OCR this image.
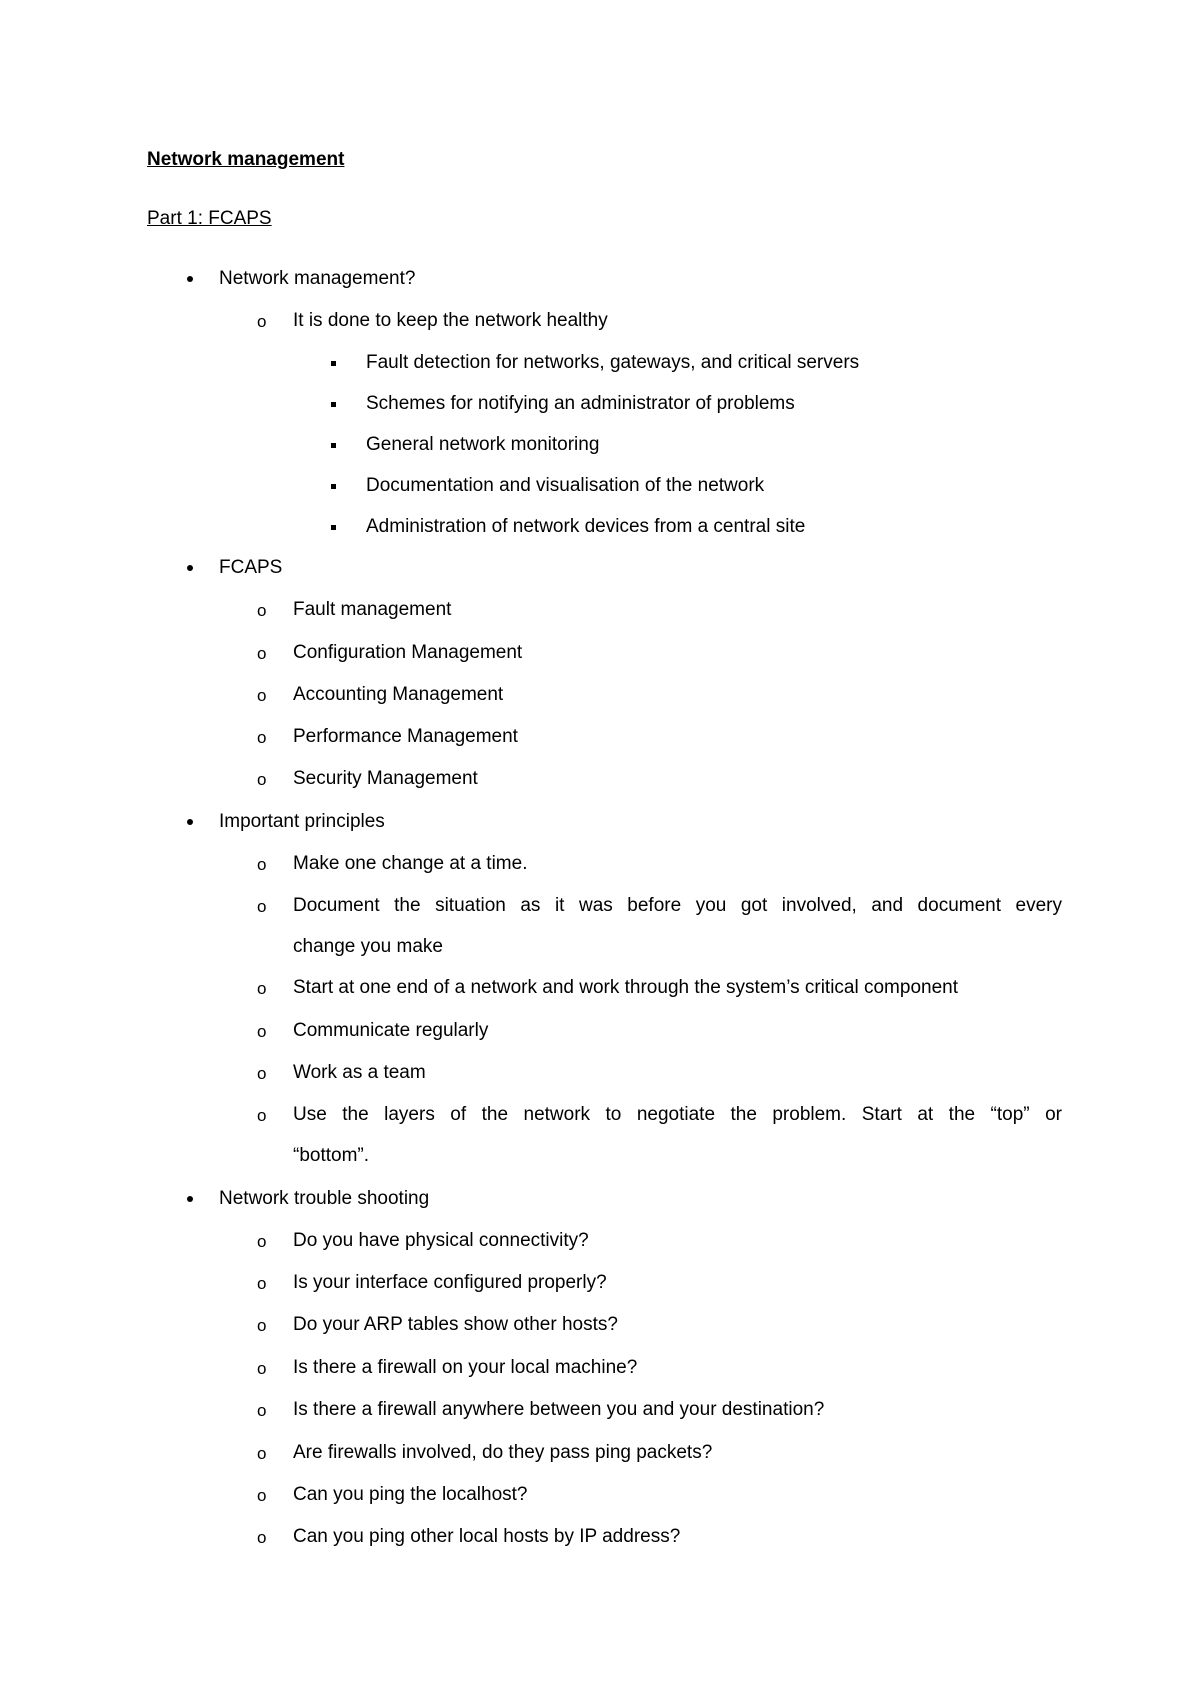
Network management
Part 1: FCAPS
Network management?
o It is done to keep the network healthy
Fault detection for networks, gateways, and critical servers
Schemes for notifying an administrator of problems
General network monitoring
Documentation and visualisation of the network
Administration of network devices from a central site
FCAPS
o Fault management
o Configuration Management
o Accounting Management
o Performance Management
o Security Management
Important principles
o Make one change at a time.
o Document the situation as it was before you got involved, and document every
change you make
o Start at one end of a network and work through the system’s critical component
o Communicate regularly
o Work as a team
o Use the layers of the network to negotiate the problem. Start at the “top” or
“bottom”.
Network trouble shooting
o Do you have physical connectivity?
o Is your interface configured properly?
o Do your ARP tables show other hosts?
o Is there a firewall on your local machine?
o Is there a firewall anywhere between you and your destination?
o Are firewalls involved, do they pass ping packets?
o Can you ping the localhost?
o Can you ping other local hosts by IP address?
